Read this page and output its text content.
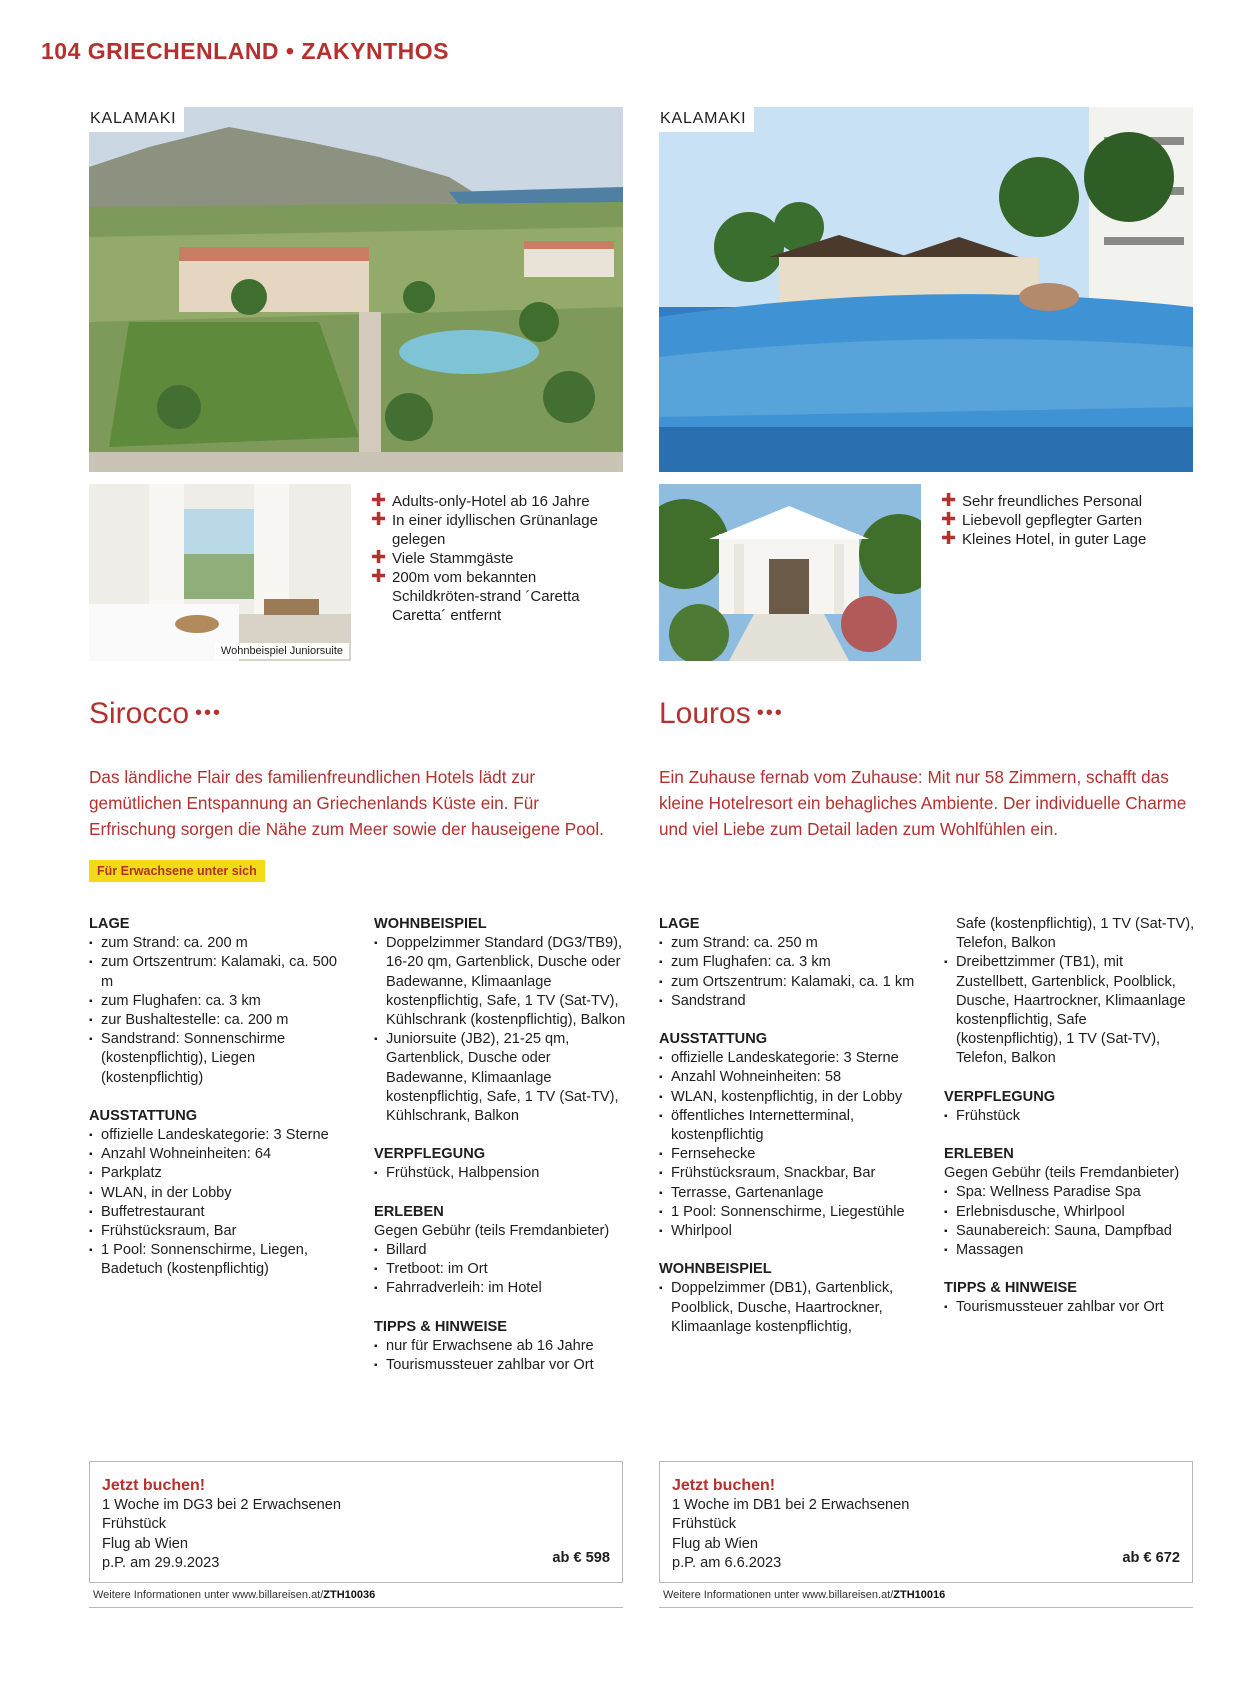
104 GRIECHENLAND • ZAKYNTHOS
KALAMAKI
Wohnbeispiel Juniorsuite
✚ Adults-only-Hotel ab 16 Jahre
✚ In einer idyllischen Grünanlage gelegen
✚ Viele Stammgäste
✚ 200m vom bekannten Schildkröten-strand ´Caretta Caretta´ entfernt
Sirocco •••
Das ländliche Flair des familienfreundlichen Hotels lädt zur gemütlichen Entspannung an Griechenlands Küste ein. Für Erfrischung sorgen die Nähe zum Meer sowie der hauseigene Pool.
Für Erwachsene unter sich
LAGE
▪ zum Strand: ca. 200 m
▪ zum Ortszentrum: Kalamaki, ca. 500 m
▪ zum Flughafen: ca. 3 km
▪ zur Bushaltestelle: ca. 200 m
▪ Sandstrand: Sonnenschirme (kostenpflichtig), Liegen (kostenpflichtig)
AUSSTATTUNG
▪ offizielle Landeskategorie: 3 Sterne
▪ Anzahl Wohneinheiten: 64
▪ Parkplatz
▪ WLAN, in der Lobby
▪ Buffetrestaurant
▪ Frühstücksraum, Bar
▪ 1 Pool: Sonnenschirme, Liegen, Badetuch (kostenpflichtig)
WOHNBEISPIEL
▪ Doppelzimmer Standard (DG3/TB9), 16-20 qm, Gartenblick, Dusche oder Badewanne, Klimaanlage kostenpflichtig, Safe, 1 TV (Sat-TV), Kühlschrank (kostenpflichtig), Balkon
▪ Juniorsuite (JB2), 21-25 qm, Gartenblick, Dusche oder Badewanne, Klimaanlage kostenpflichtig, Safe, 1 TV (Sat-TV), Kühlschrank, Balkon
VERPFLEGUNG
▪ Frühstück, Halbpension
ERLEBEN

Gegen Gebühr (teils Fremdanbieter)

▪ Billard
▪ Tretboot: im Ort
▪ Fahrradverleih: im Hotel
TIPPS & HINWEISE
▪ nur für Erwachsene ab 16 Jahre
▪ Tourismussteuer zahlbar vor Ort
Jetzt buchen!
1 Woche im DG3 bei 2 Erwachsenen
Frühstück
Flug ab Wien
p.P. am 29.9.2023	ab € 598
Weitere Informationen unter www.billareisen.at/ZTH10036
KALAMAKI
✚ Sehr freundliches Personal
✚ Liebevoll gepflegter Garten
✚ Kleines Hotel, in guter Lage
Louros •••
Ein Zuhause fernab vom Zuhause: Mit nur 58 Zimmern, schafft das kleine Hotelresort ein behagliches Ambiente. Der individuelle Charme und viel Liebe zum Detail laden zum Wohlfühlen ein.
LAGE
▪ zum Strand: ca. 250 m
▪ zum Flughafen: ca. 3 km
▪ zum Ortszentrum: Kalamaki, ca. 1 km
▪ Sandstrand
AUSSTATTUNG
▪ offizielle Landeskategorie: 3 Sterne
▪ Anzahl Wohneinheiten: 58
▪ WLAN, kostenpflichtig, in der Lobby
▪ öffentliches Internetterminal, kostenpflichtig
▪ Fernsehecke
▪ Frühstücksraum, Snackbar, Bar
▪ Terrasse, Gartenanlage
▪ 1 Pool: Sonnenschirme, Liegestühle
▪ Whirlpool
WOHNBEISPIEL
▪ Doppelzimmer (DB1), Gartenblick, Poolblick, Dusche, Haartrockner, Klimaanlage kostenpflichtig,
Safe (kostenpflichtig), 1 TV (Sat-TV), Telefon, Balkon
▪ Dreibettzimmer (TB1), mit Zustellbett, Gartenblick, Poolblick, Dusche, Haartrockner, Klimaanlage kostenpflichtig, Safe (kostenpflichtig), 1 TV (Sat-TV), Telefon, Balkon
VERPFLEGUNG
▪ Frühstück
ERLEBEN

Gegen Gebühr (teils Fremdanbieter)

▪ Spa: Wellness Paradise Spa
▪ Erlebnisdusche, Whirlpool
▪ Saunabereich: Sauna, Dampfbad
▪ Massagen
TIPPS & HINWEISE
▪ Tourismussteuer zahlbar vor Ort
Jetzt buchen!
1 Woche im DB1 bei 2 Erwachsenen
Frühstück
Flug ab Wien
p.P. am 6.6.2023	ab € 672
Weitere Informationen unter www.billareisen.at/ZTH10016
